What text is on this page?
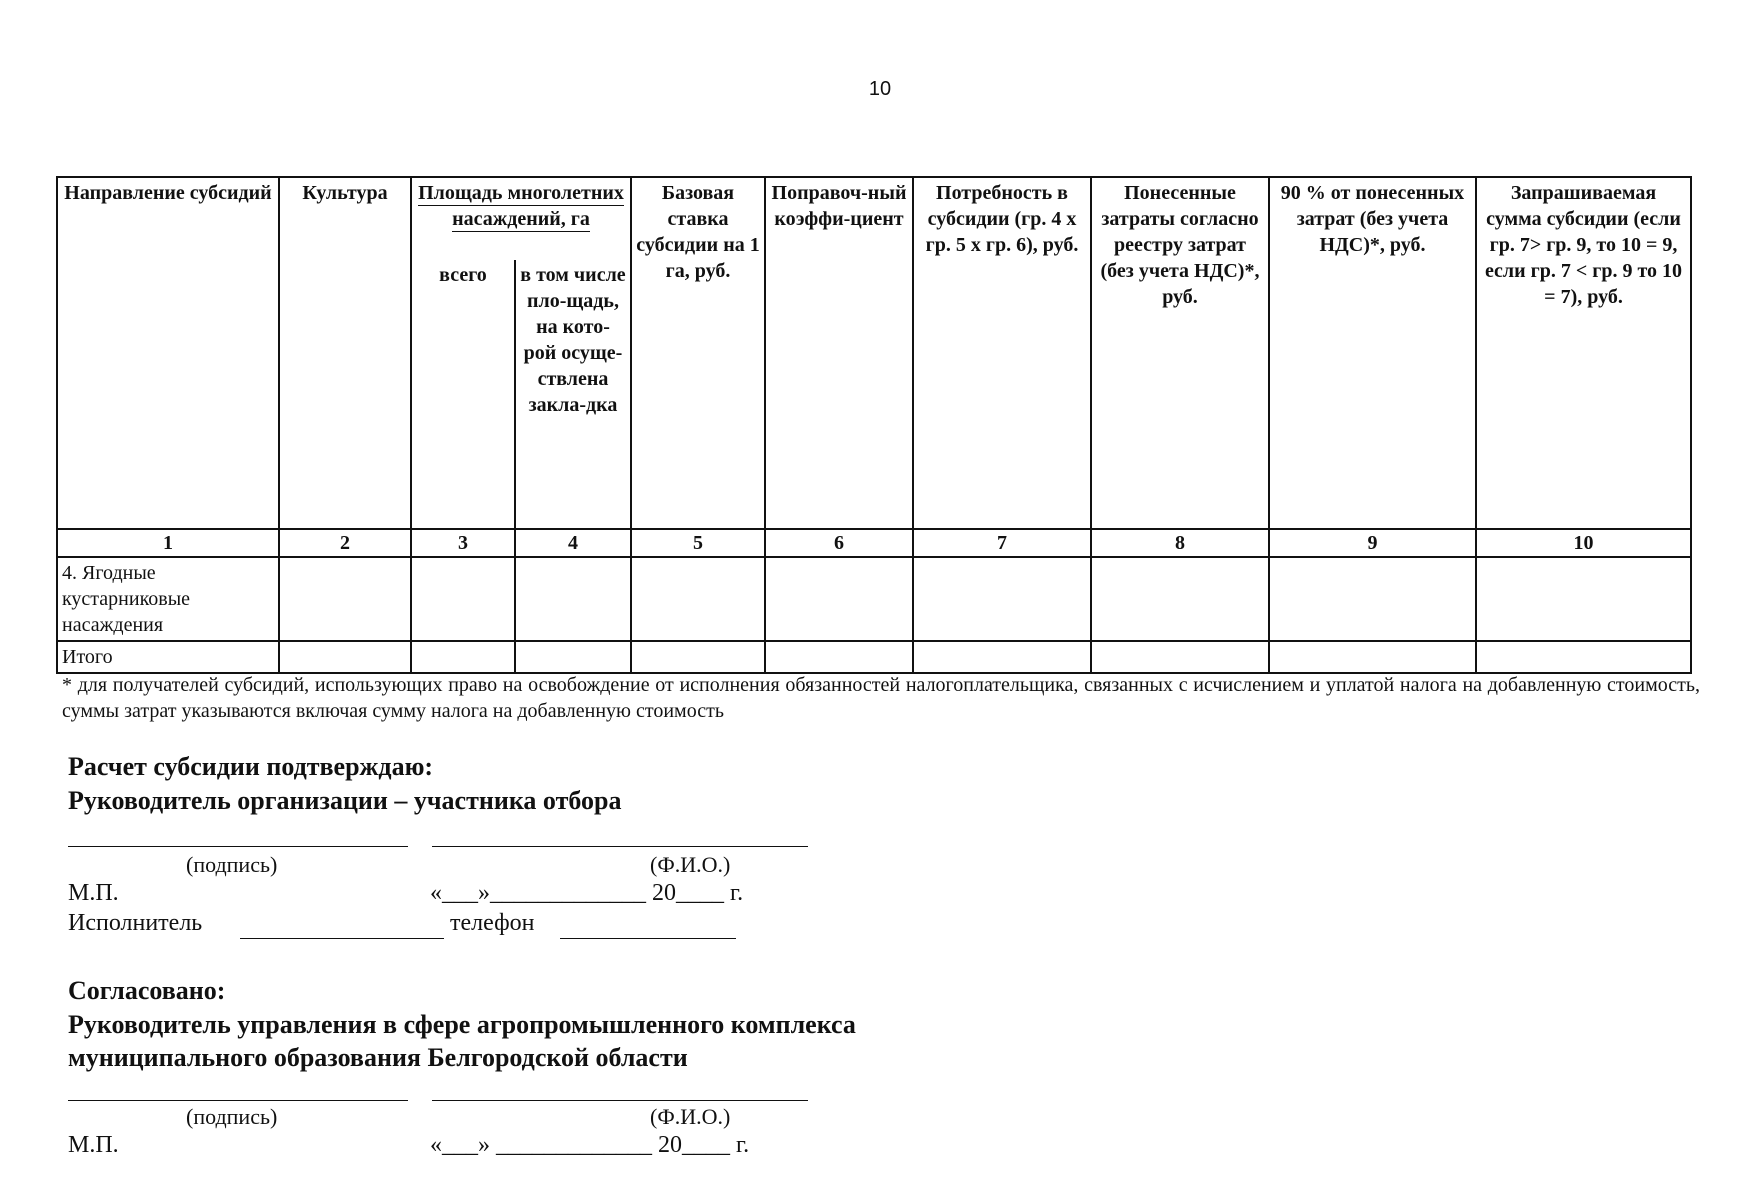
10
Направление субсидий	Культура	Площадь многолетних насаждений, га		Базовая ставка субсидии на 1 га, руб.	Поправоч-ный коэффи-циент	Потребность в субсидии (гр. 4 х гр. 5 х гр. 6), руб.	Понесенные затраты согласно реестру затрат (без учета НДС)*, руб.	90 % от понесенных затрат (без учета НДС)*, руб.	Запрашиваемая сумма субсидии (если гр. 7> гр. 9, то 10 = 9, если гр. 7 < гр. 9 то 10 = 7), руб.
		всего	в том числе пло-щадь, на кото-рой осуще-ствлена закла-дка						
1	2	3	4	5	6	7	8	9	10
4. Ягодные кустарниковые насаждения									
Итого									
* для получателей субсидий, использующих право на освобождение от исполнения обязанностей налогоплательщика, связанных с исчислением и уплатой налога на добавленную стоимость, суммы затрат указываются включая сумму налога на добавленную стоимость
Расчет субсидии подтверждаю:
Руководитель организации – участника отбора
(подпись)	(Ф.И.О.)
М.П.	«___»_____________ 20____ г.
Исполнитель	телефон
Согласовано:
Руководитель управления в сфере агропромышленного комплекса
муниципального образования Белгородской области
(подпись)	(Ф.И.О.)
М.П.	«___» _____________ 20____ г.
